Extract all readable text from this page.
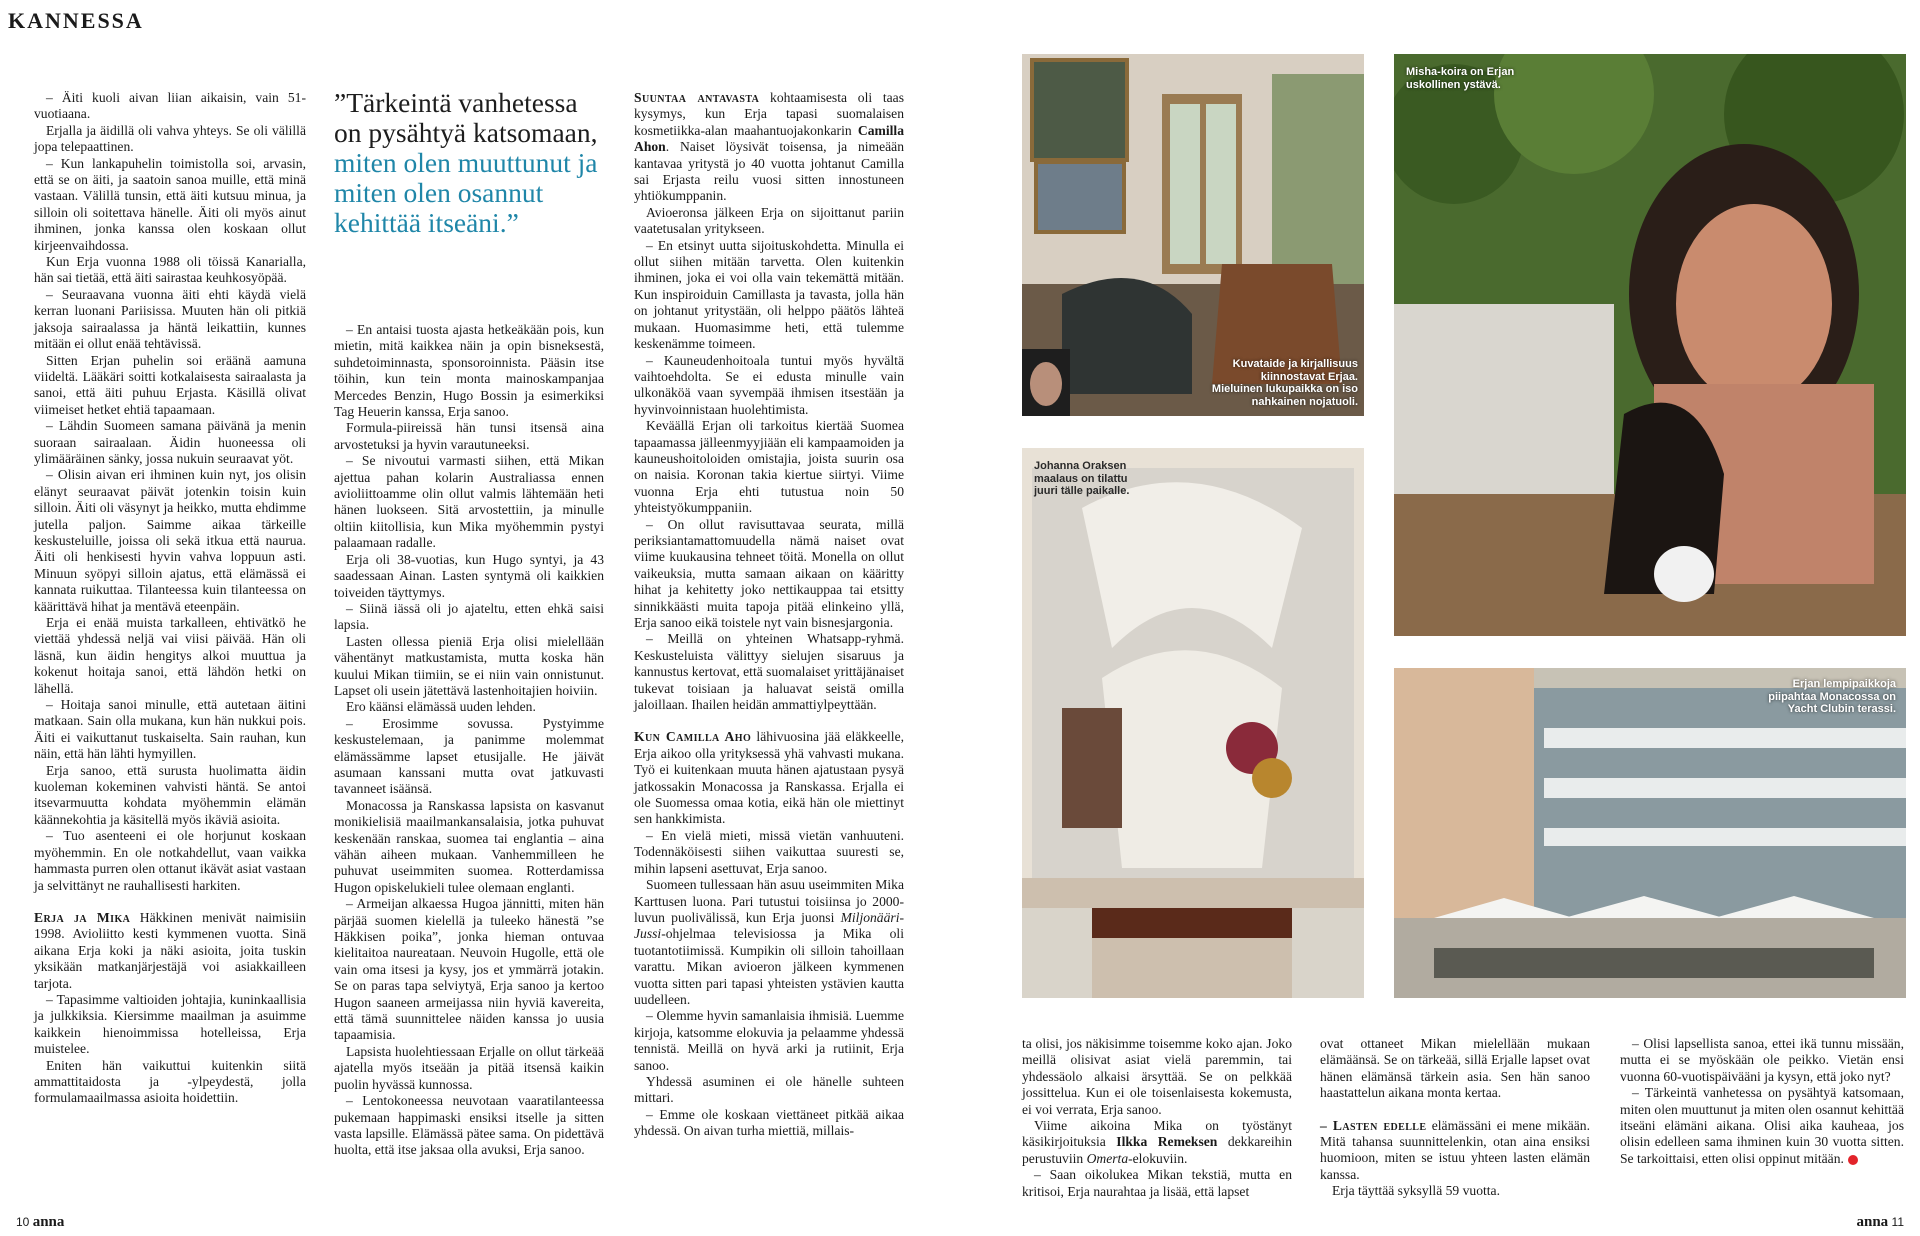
KANNESSA

– Äiti kuoli aivan liian aikaisin, vain 51-vuotiaana.

Erjalla ja äidillä oli vahva yhteys. Se oli välillä jopa telepaattinen.

– Kun lankapuhelin toimistolla soi, arvasin, että se on äiti, ja saatoin sanoa muille, että minä vastaan. Välillä tunsin, että äiti kutsuu minua, ja silloin oli soitettava hänelle. Äiti oli myös ainut ihminen, jonka kanssa olen koskaan ollut kirjeenvaihdossa.

Kun Erja vuonna 1988 oli töissä Kanarialla, hän sai tietää, että äiti sairastaa keuhkosyöpää.

– Seuraavana vuonna äiti ehti käydä vielä kerran luonani Pariisissa. Muuten hän oli pitkiä jaksoja sairaalassa ja häntä leikattiin, kunnes mitään ei ollut enää tehtävissä.

Sitten Erjan puhelin soi eräänä aamuna viideltä. Lääkäri soitti kotkalaisesta sairaalasta ja sanoi, että äiti puhuu Erjasta. Käsillä olivat viimeiset hetket ehtiä tapaamaan.

– Lähdin Suomeen samana päivänä ja menin suoraan sairaalaan. Äidin huoneessa oli ylimääräinen sänky, jossa nukuin seuraavat yöt.

– Olisin aivan eri ihminen kuin nyt, jos olisin elänyt seuraavat päivät jotenkin toisin kuin silloin. Äiti oli väsynyt ja heikko, mutta ehdimme jutella paljon. Saimme aikaa tärkeille keskusteluille, joissa oli sekä itkua että naurua. Äiti oli henkisesti hyvin vahva loppuun asti. Minuun syöpyi silloin ajatus, että elämässä ei kannata ruikuttaa. Tilanteessa kuin tilanteessa on käärittävä hihat ja mentävä eteenpäin.

Erja ei enää muista tarkalleen, ehtivätkö he viettää yhdessä neljä vai viisi päivää. Hän oli läsnä, kun äidin hengitys alkoi muuttua ja kokenut hoitaja sanoi, että lähdön hetki on lähellä.

– Hoitaja sanoi minulle, että autetaan äitini matkaan. Sain olla mukana, kun hän nukkui pois. Äiti ei vaikuttanut tuskaiselta. Sain rauhan, kun näin, että hän lähti hymyillen.

Erja sanoo, että surusta huolimatta äidin kuoleman kokeminen vahvisti häntä. Se antoi itsevarmuutta kohdata myöhemmin elämän käännekohtia ja käsitellä myös ikäviä asioita.

– Tuo asenteeni ei ole horjunut koskaan myöhemmin. En ole notkahdellut, vaan vaikka hammasta purren olen ottanut ikävät asiat vastaan ja selvittänyt ne rauhallisesti harkiten.

Erja ja Mika Häkkinen menivät naimisiin 1998. Avioliitto kesti kymmenen vuotta. Sinä aikana Erja koki ja näki asioita, joita tuskin yksikään matkanjärjestäjä voi asiakkailleen tarjota.

– Tapasimme valtioiden johtajia, kuninkaallisia ja julkkiksia. Kiersimme maailman ja asuimme kaikkein hienoimmissa hotelleissa, Erja muistelee.

Eniten hän vaikuttui kuitenkin siitä ammattitaidosta ja -ylpeydestä, jolla formulamaailmassa asioita hoidettiin.

”Tärkeintä vanhetessa on pysähtyä katsomaan, miten olen muuttunut ja miten olen osannut kehittää itseäni.”

– En antaisi tuosta ajasta hetkeäkään pois, kun mietin, mitä kaikkea näin ja opin bisneksestä, suhdetoiminnasta, sponsoroinnista. Pääsin itse töihin, kun tein monta mainoskampanjaa Mercedes Benzin, Hugo Bossin ja esimerkiksi Tag Heuerin kanssa, Erja sanoo.

Formula-piireissä hän tunsi itsensä aina arvostetuksi ja hyvin varautuneeksi.

– Se nivoutui varmasti siihen, että Mikan ajettua pahan kolarin Australiassa ennen avioliittoamme olin ollut valmis lähtemään heti hänen luokseen. Sitä arvostettiin, ja minulle oltiin kiitollisia, kun Mika myöhemmin pystyi palaamaan radalle.

Erja oli 38-vuotias, kun Hugo syntyi, ja 43 saadessaan Ainan. Lasten syntymä oli kaikkien toiveiden täyttymys.

– Siinä iässä oli jo ajateltu, etten ehkä saisi lapsia.

Lasten ollessa pieniä Erja olisi mielellään vähentänyt matkustamista, mutta koska hän kuului Mikan tiimiin, se ei niin vain onnistunut. Lapset oli usein jätettävä lastenhoitajien hoiviin.

Ero käänsi elämässä uuden lehden.

– Erosimme sovussa. Pystyimme keskustelemaan, ja panimme molemmat elämässämme lapset etusijalle. He jäivät asumaan kanssani mutta ovat jatkuvasti tavanneet isäänsä.

Monacossa ja Ranskassa lapsista on kasvanut monikielisiä maailmankansalaisia, jotka puhuvat keskenään ranskaa, suomea tai englantia – aina vähän aiheen mukaan. Vanhemmilleen he puhuvat useimmiten suomea. Rotterdamissa Hugon opiskelukieli tulee olemaan englanti.

– Armeijan alkaessa Hugoa jännitti, miten hän pärjää suomen kielellä ja tuleeko hänestä ”se Häkkisen poika”, jonka hieman ontuvaa kielitaitoa naureataan. Neuvoin Hugolle, että ole vain oma itsesi ja kysy, jos et ymmärrä jotakin. Se on paras tapa selviytyä, Erja sanoo ja kertoo Hugon saaneen armeijassa niin hyviä kavereita, että tämä suunnittelee näiden kanssa jo uusia tapaamisia.

Lapsista huolehtiessaan Erjalle on ollut tärkeää ajatella myös itseään ja pitää itsensä kaikin puolin hyvässä kunnossa.

– Lentokoneessa neuvotaan vaaratilanteessa pukemaan happimaski ensiksi itselle ja sitten vasta lapsille. Elämässä pätee sama. On pidettävä huolta, että itse jaksaa olla avuksi, Erja sanoo.

Suuntaa antavasta kohtaamisesta oli taas kysymys, kun Erja tapasi suomalaisen kosmetiikka-alan maahantuojakonkarin Camilla Ahon. Naiset löysivät toisensa, ja nimeään kantavaa yritystä jo 40 vuotta johtanut Camilla sai Erjasta reilu vuosi sitten innostuneen yhtiökumppanin.

Avioeronsa jälkeen Erja on sijoittanut pariin vaatetusalan yritykseen.

– En etsinyt uutta sijoituskohdetta. Minulla ei ollut siihen mitään tarvetta. Olen kuitenkin ihminen, joka ei voi olla vain tekemättä mitään. Kun inspiroiduin Camillasta ja tavasta, jolla hän on johtanut yritystään, oli helppo päätös lähteä mukaan. Huomasimme heti, että tulemme keskenämme toimeen.

– Kauneudenhoitoala tuntui myös hyvältä vaihtoehdolta. Se ei edusta minulle vain ulkonäköä vaan syvempää ihmisen itsestään ja hyvinvoinnistaan huolehtimista.

Keväällä Erjan oli tarkoitus kiertää Suomea tapaamassa jälleenmyyjiään eli kampaamoiden ja kauneushoitoloiden omistajia, joista suurin osa on naisia. Koronan takia kiertue siirtyi. Viime vuonna Erja ehti tutustua noin 50 yhteistyökumppaniin.

– On ollut ravisuttavaa seurata, millä periksiantamattomuudella nämä naiset ovat viime kuukausina tehneet töitä. Monella on ollut vaikeuksia, mutta samaan aikaan on kääritty hihat ja kehitetty joko nettikauppaa tai etsitty sinnikkäästi muita tapoja pitää elinkeino yllä, Erja sanoo eikä toistele nyt vain bisnesjargonia.

– Meillä on yhteinen Whatsapp-ryhmä. Keskusteluista välittyy sielujen sisaruus ja kannustus kertovat, että suomalaiset yrittäjänaiset tukevat toisiaan ja haluavat seistä omilla jaloillaan. Ihailen heidän ammattiylpeyttään.

Kun Camilla Aho lähivuosina jää eläkkeelle, Erja aikoo olla yrityksessä yhä vahvasti mukana. Työ ei kuitenkaan muuta hänen ajatustaan pysyä jatkossakin Monacossa ja Ranskassa. Erjalla ei ole Suomessa omaa kotia, eikä hän ole miettinyt sen hankkimista.

– En vielä mieti, missä vietän vanhuuteni. Todennäköisesti siihen vaikuttaa suuresti se, mihin lapseni asettuvat, Erja sanoo.

Suomeen tullessaan hän asuu useimmiten Mika Karttusen luona. Pari tutustui toisiinsa jo 2000-luvun puolivälissä, kun Erja juonsi Miljonääri-Jussi-ohjelmaa televisiossa ja Mika oli tuotantotiimissä. Kumpikin oli silloin tahoillaan varattu. Mikan avioeron jälkeen kymmenen vuotta sitten pari tapasi yhteisten ystävien kautta uudelleen.

– Olemme hyvin samanlaisia ihmisiä. Luemme kirjoja, katsomme elokuvia ja pelaamme yhdessä tennistä. Meillä on hyvä arki ja rutiinit, Erja sanoo.

Yhdessä asuminen ei ole hänelle suhteen mittari.

– Emme ole koskaan viettäneet pitkää aikaa yhdessä. On aivan turha miettiä, millais-

Kuvataide ja kirjallisuus kiinnostavat Erjaa. Mieluinen lukupaikka on iso nahkainen nojatuoli.
Misha-koira on Erjan uskollinen ystävä.
Johanna Oraksen maalaus on tilattu juuri tälle paikalle.
Erjan lempipaikkoja piipahtaa Monacossa on Yacht Clubin terassi.

ta olisi, jos näkisimme toisemme koko ajan. Joko meillä olisivat asiat vielä paremmin, tai yhdessäolo alkaisi ärsyttää. Se on pelkkää jossittelua. Kun ei ole toisenlaisesta kokemusta, ei voi verrata, Erja sanoo.

Viime aikoina Mika on työstänyt käsikirjoituksia Ilkka Remeksen dekkareihin perustuviin Omerta-elokuviin.

– Saan oikolukea Mikan tekstiä, mutta en kritisoi, Erja naurahtaa ja lisää, että lapset

ovat ottaneet Mikan mielellään mukaan elämäänsä. Se on tärkeää, sillä Erjalle lapset ovat hänen elämänsä tärkein asia. Sen hän sanoo haastattelun aikana monta kertaa.

– Lasten edelle elämässäni ei mene mikään. Mitä tahansa suunnittelenkin, otan aina ensiksi huomioon, miten se istuu yhteen lasten elämän kanssa.

Erja täyttää syksyllä 59 vuotta.

– Olisi lapsellista sanoa, ettei ikä tunnu missään, mutta ei se myöskään ole peikko. Vietän ensi vuonna 60-vuotispäivääni ja kysyn, että joko nyt?

– Tärkeintä vanhetessa on pysähtyä katsomaan, miten olen muuttunut ja miten olen osannut kehittää itseäni elämäni aikana. Olisi aika kauheaa, jos olisin edelleen sama ihminen kuin 30 vuotta sitten. Se tarkoittaisi, etten olisi oppinut mitään.

10 anna	anna 11
